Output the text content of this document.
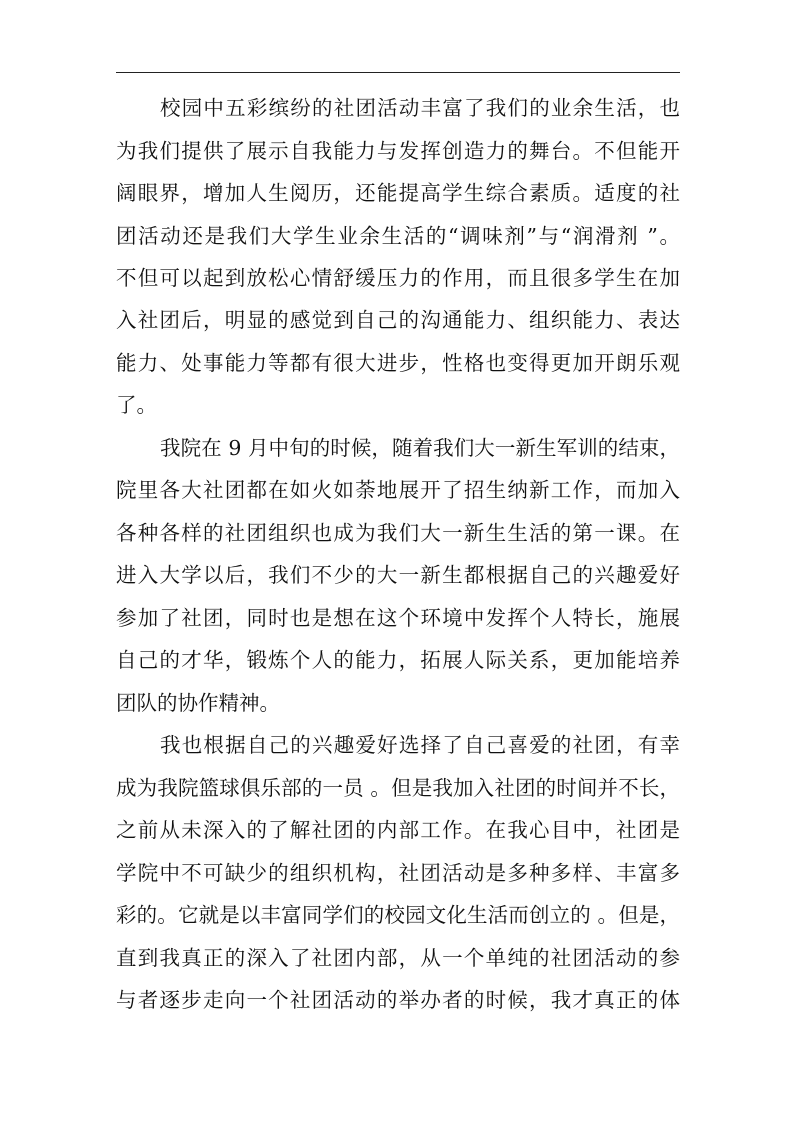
校园中五彩缤纷的社团活动丰富了我们的业余生活，也
为我们提供了展示自我能力与发挥创造力的舞台。不但能开
阔眼界，增加人生阅历，还能提高学生综合素质。适度的社
团活动还是我们大学生业余生活的“调味剂”与“润滑剂 ”。
不但可以起到放松心情舒缓压力的作用，而且很多学生在加
入社团后，明显的感觉到自己的沟通能力、组织能力、表达
能力、处事能力等都有很大进步，性格也变得更加开朗乐观
了。
我院在 9 月中旬的时候，随着我们大一新生军训的结束，
院里各大社团都在如火如荼地展开了招生纳新工作，而加入
各种各样的社团组织也成为我们大一新生生活的第一课。在
进入大学以后，我们不少的大一新生都根据自己的兴趣爱好
参加了社团，同时也是想在这个环境中发挥个人特长，施展
自己的才华，锻炼个人的能力，拓展人际关系，更加能培养
团队的协作精神。
我也根据自己的兴趣爱好选择了自己喜爱的社团，有幸
成为我院篮球俱乐部的一员 。但是我加入社团的时间并不长，
之前从未深入的了解社团的内部工作。在我心目中，社团是
学院中不可缺少的组织机构，社团活动是多种多样、丰富多
彩的。它就是以丰富同学们的校园文化生活而创立的 。但是，
直到我真正的深入了社团内部，从一个单纯的社团活动的参
与者逐步走向一个社团活动的举办者的时候，我才真正的体
